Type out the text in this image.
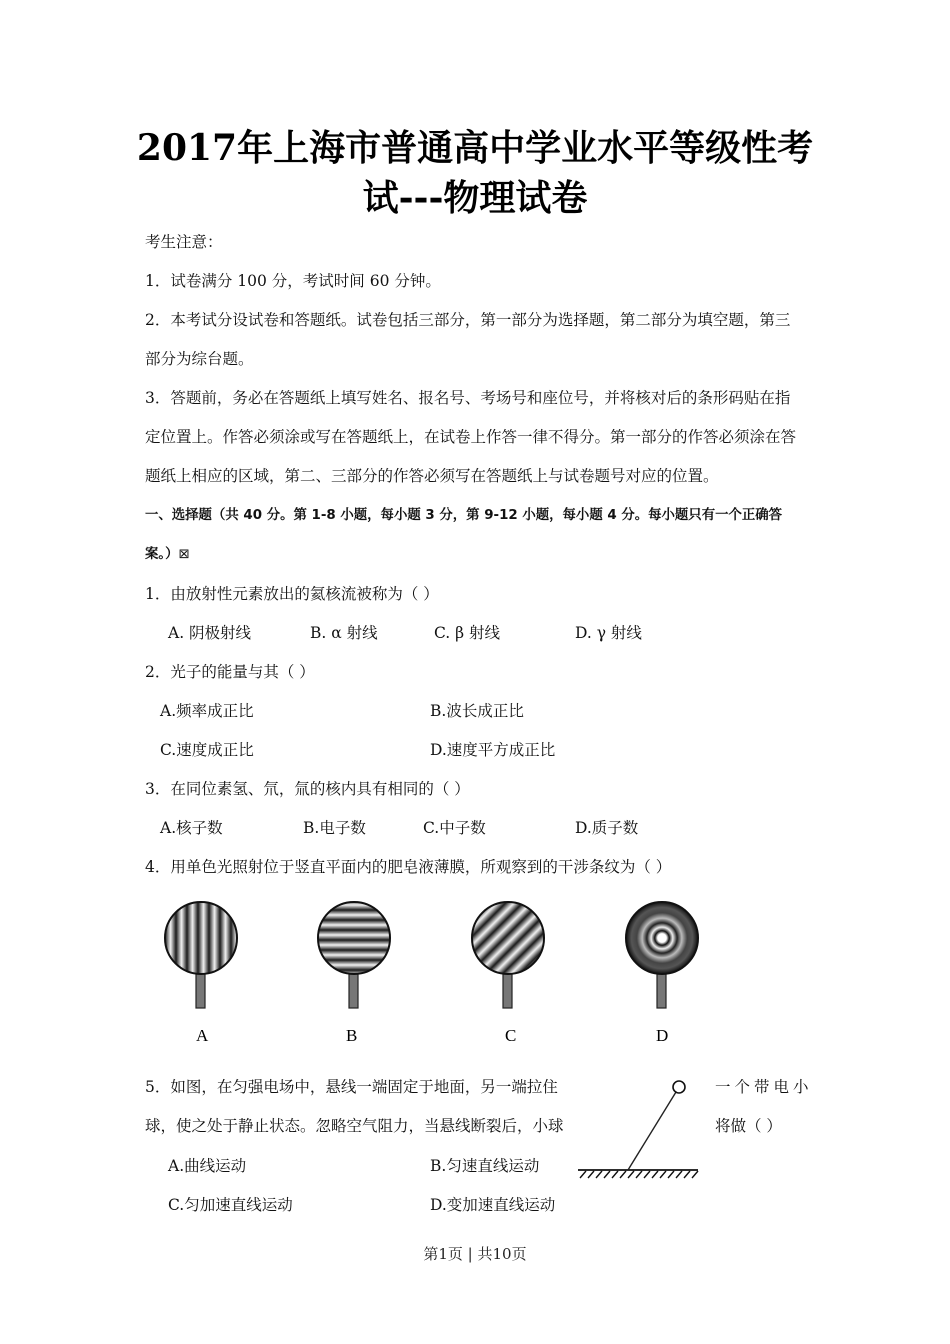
2017年上海市普通高中学业水平等级性考
试---物理试卷
考生注意：
1．试卷满分 100 分，考试时间 60 分钟。
2．本考试分设试卷和答题纸。试卷包括三部分，第一部分为选择题，第二部分为填空题，第三
部分为综台题。
3．答题前，务必在答题纸上填写姓名、报名号、考场号和座位号，并将核对后的条形码贴在指
定位置上。作答必须涂或写在答题纸上，在试卷上作答一律不得分。第一部分的作答必须涂在答
题纸上相应的区域，第二、三部分的作答必须写在答题纸上与试卷题号对应的位置。
一、选择题（共 40 分。第 1-8 小题，每小题 3 分，第 9-12 小题，每小题 4 分。每小题只有一个正确答
案。）⊠
1．由放射性元素放出的氦核流被称为（ ）
A. 阴极射线	B. α 射线	C. β 射线	D. γ 射线
2．光子的能量与其（ ）
A.频率成正比	B.波长成正比
C.速度成正比	D.速度平方成正比
3．在同位素氢、氘，氚的核内具有相同的（ ）
A.核子数	B.电子数	C.中子数	D.质子数
4．用单色光照射位于竖直平面内的肥皂液薄膜，所观察到的干涉条纹为（ ）
A	B	C	D
5．如图，在匀强电场中，悬线一端固定于地面，另一端拉住	一个带电小
球，使之处于静止状态。忽略空气阻力，当悬线断裂后，小球	将做（ ）
A.曲线运动	B.匀速直线运动
C.匀加速直线运动	D.变加速直线运动
第1页 | 共10页
